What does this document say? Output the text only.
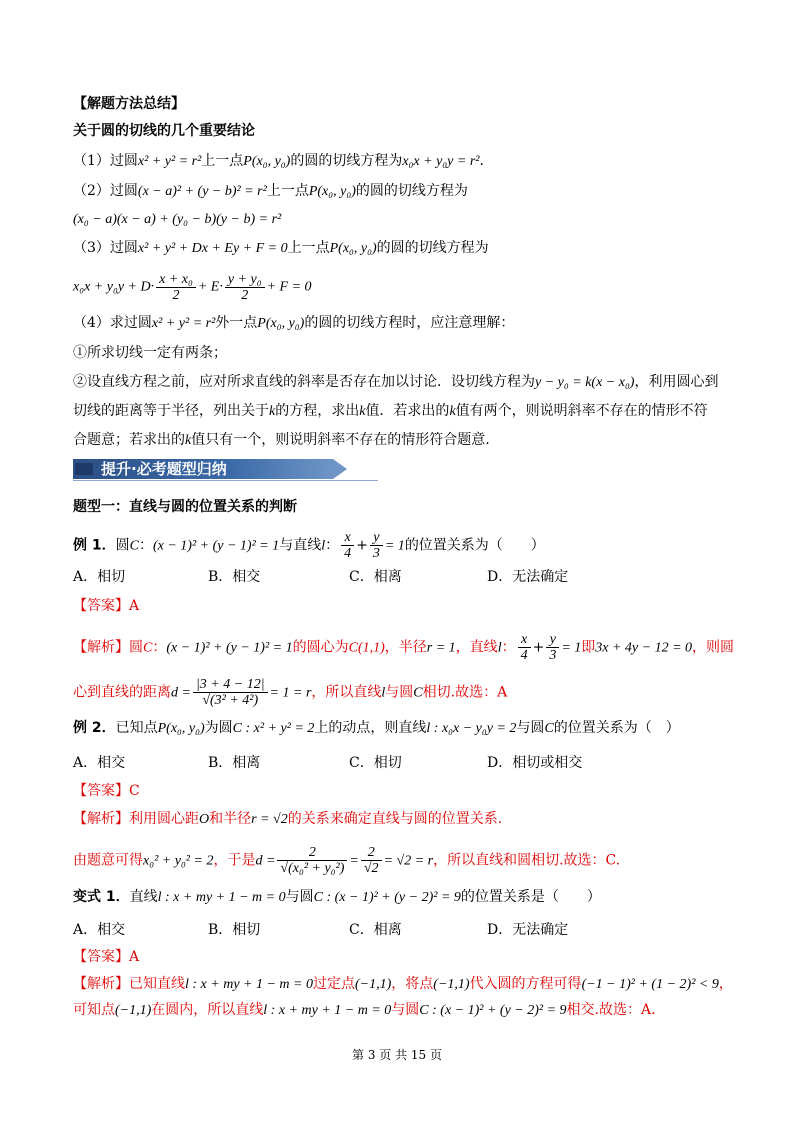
【解题方法总结】
关于圆的切线的几个重要结论
（1）过圆x² + y² = r²上一点P(x₀, y₀)的圆的切线方程为x₀x + y₀y = r².
（2）过圆(x − a)² + (y − b)² = r²上一点P(x₀, y₀)的圆的切线方程为
(x₀ − a)(x − a) + (y₀ − b)(y − b) = r²
（3）过圆x² + y² + Dx + Ey + F = 0上一点P(x₀, y₀)的圆的切线方程为
$x_0x + y_0y + D\cdot \frac{\text{x + x₀}}{2} + E\cdot \frac{\text{y + y₀}}{2} + F = 0$
（4）求过圆x² + y² = r²外一点P(x₀, y₀)的圆的切线方程时，应注意理解：
①所求切线一定有两条；
②设直线方程之前，应对所求直线的斜率是否存在加以讨论．设切线方程为y − y₀ = k(x − x₀)，利用圆心到
切线的距离等于半径，列出关于k的方程，求出k值．若求出的k值有两个，则说明斜率不存在的情形不符
合题意；若求出的k值只有一个，则说明斜率不存在的情形符合题意.
提升·必考题型归纳
题型一：直线与圆的位置关系的判断
例 1．圆C：(x − 1)² + (y − 1)² = 1与直线l： $\frac{x}{4} + \frac{y}{3} = 1$的位置关系为（　　）
A．相切	B．相交	C．相离	D．无法确定
【答案】A
【解析】圆C：(x − 1)² + (y − 1)² = 1的圆心为C(1,1)，半径r = 1，直线l： $\frac{x}{4} + \frac{y}{3} = 1$即3x + 4y − 12 = 0，则圆
心到直线的距离$d = \frac{|3 + 4 - 12|}{\text{√(3² + 4²)}} = 1 = r$，所以直线l与圆C相切.故选：A
例 2．已知点P(x₀, y₀)为圆C : x² + y² = 2上的动点，则直线l : x₀x − y₀y = 2与圆C的位置关系为（　）
A．相交	B．相离	C．相切	D．相切或相交
【答案】C
【解析】利用圆心距O和半径r = √2的关系来确定直线与圆的位置关系.
由题意可得x₀² + y₀² = 2，于是$d = \frac{2}{\text{√(x₀² + y₀²)}} = \frac{2}{√2} = √2 = r$，所以直线和圆相切.故选：C.
变式 1．直线l : x + my + 1 − m = 0与圆C : (x − 1)² + (y − 2)² = 9的位置关系是（　　）
A．相交	B．相切	C．相离	D．无法确定
【答案】A
【解析】已知直线l : x + my + 1 − m = 0过定点(−1,1)，将点(−1,1)代入圆的方程可得(−1 − 1)² + (1 − 2)² < 9，
可知点(−1,1)在圆内，所以直线l : x + my + 1 − m = 0与圆C : (x − 1)² + (y − 2)² = 9相交.故选：A.
第 3 页 共 15 页
